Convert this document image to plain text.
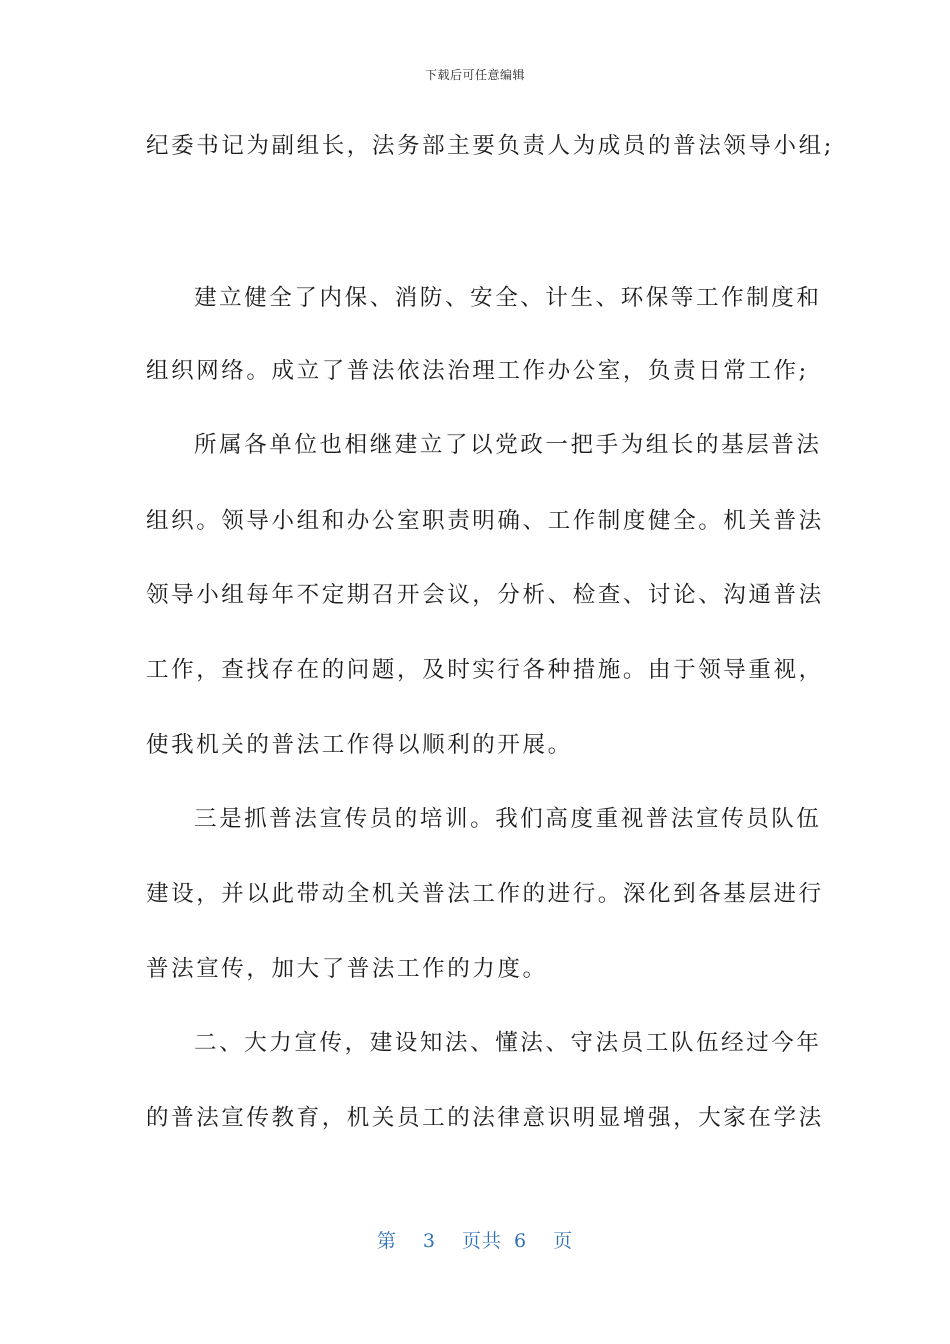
下载后可任意编辑
纪委书记为副组长，法务部主要负责人为成员的普法领导小组;
建立健全了内保、消防、安全、计生、环保等工作制度和
组织网络。成立了普法依法治理工作办公室，负责日常工作;
所属各单位也相继建立了以党政一把手为组长的基层普法
组织。领导小组和办公室职责明确、工作制度健全。机关普法
领导小组每年不定期召开会议，分析、检查、讨论、沟通普法
工作，查找存在的问题，及时实行各种措施。由于领导重视，
使我机关的普法工作得以顺利的开展。
三是抓普法宣传员的培训。我们高度重视普法宣传员队伍
建设，并以此带动全机关普法工作的进行。深化到各基层进行
普法宣传，加大了普法工作的力度。
二、大力宣传，建设知法、懂法、守法员工队伍经过今年
的普法宣传教育，机关员工的法律意识明显增强，大家在学法
第 3 页共 6 页
